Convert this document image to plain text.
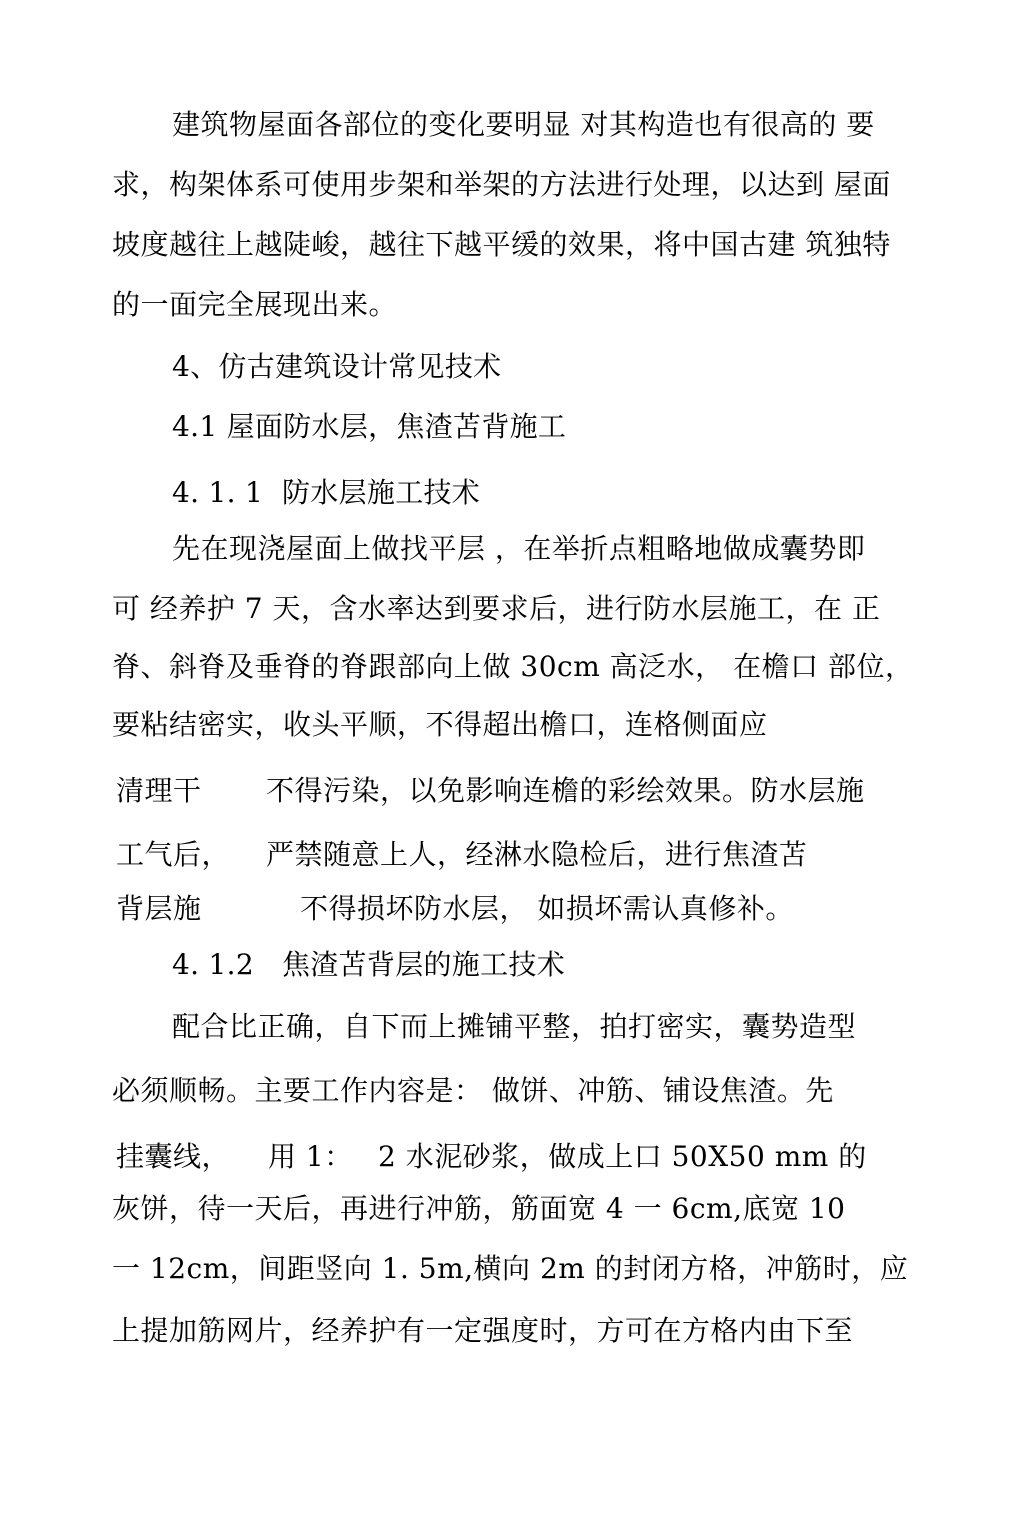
建筑物屋面各部位的变化要明显 对其构造也有很高的 要
求，构架体系可使用步架和举架的方法进行处理，以达到 屋面
坡度越往上越陡峻，越往下越平缓的效果，将中国古建 筑独特
的一面完全展现出来。
4、仿古建筑设计常见技术
4.1 屋面防水层，焦渣苫背施工
4. 1. 1 防水层施工技术
先在现浇屋面上做找平层 ，在举折点粗略地做成囊势即
可 经养护 7 天，含水率达到要求后，进行防水层施工，在 正
脊、斜脊及垂脊的脊跟部向上做 30cm 高泛水， 在檐口 部位，
要粘结密实，收头平顺，不得超出檐口，连格侧面应
清理干 不得污染，以免影响连檐的彩绘效果。防水层施
工气后， 严禁随意上人，经淋水隐检后，进行焦渣苫
背层施	不得损坏防水层， 如损坏需认真修补。
4. 1.2 焦渣苫背层的施工技术
配合比正确，自下而上摊铺平整，拍打密实，囊势造型
必须顺畅。主要工作内容是： 做饼、冲筋、铺设焦渣。先
挂囊线， 用 1： 2 水泥砂浆，做成上口 50X50 mm 的
灰饼，待一天后，再进行冲筋，筋面宽 4 一 6cm,底宽 10
一 12cm，间距竖向 1. 5m,横向 2m 的封闭方格，冲筋时，应
上提加筋网片，经养护有一定强度时，方可在方格内由下至
